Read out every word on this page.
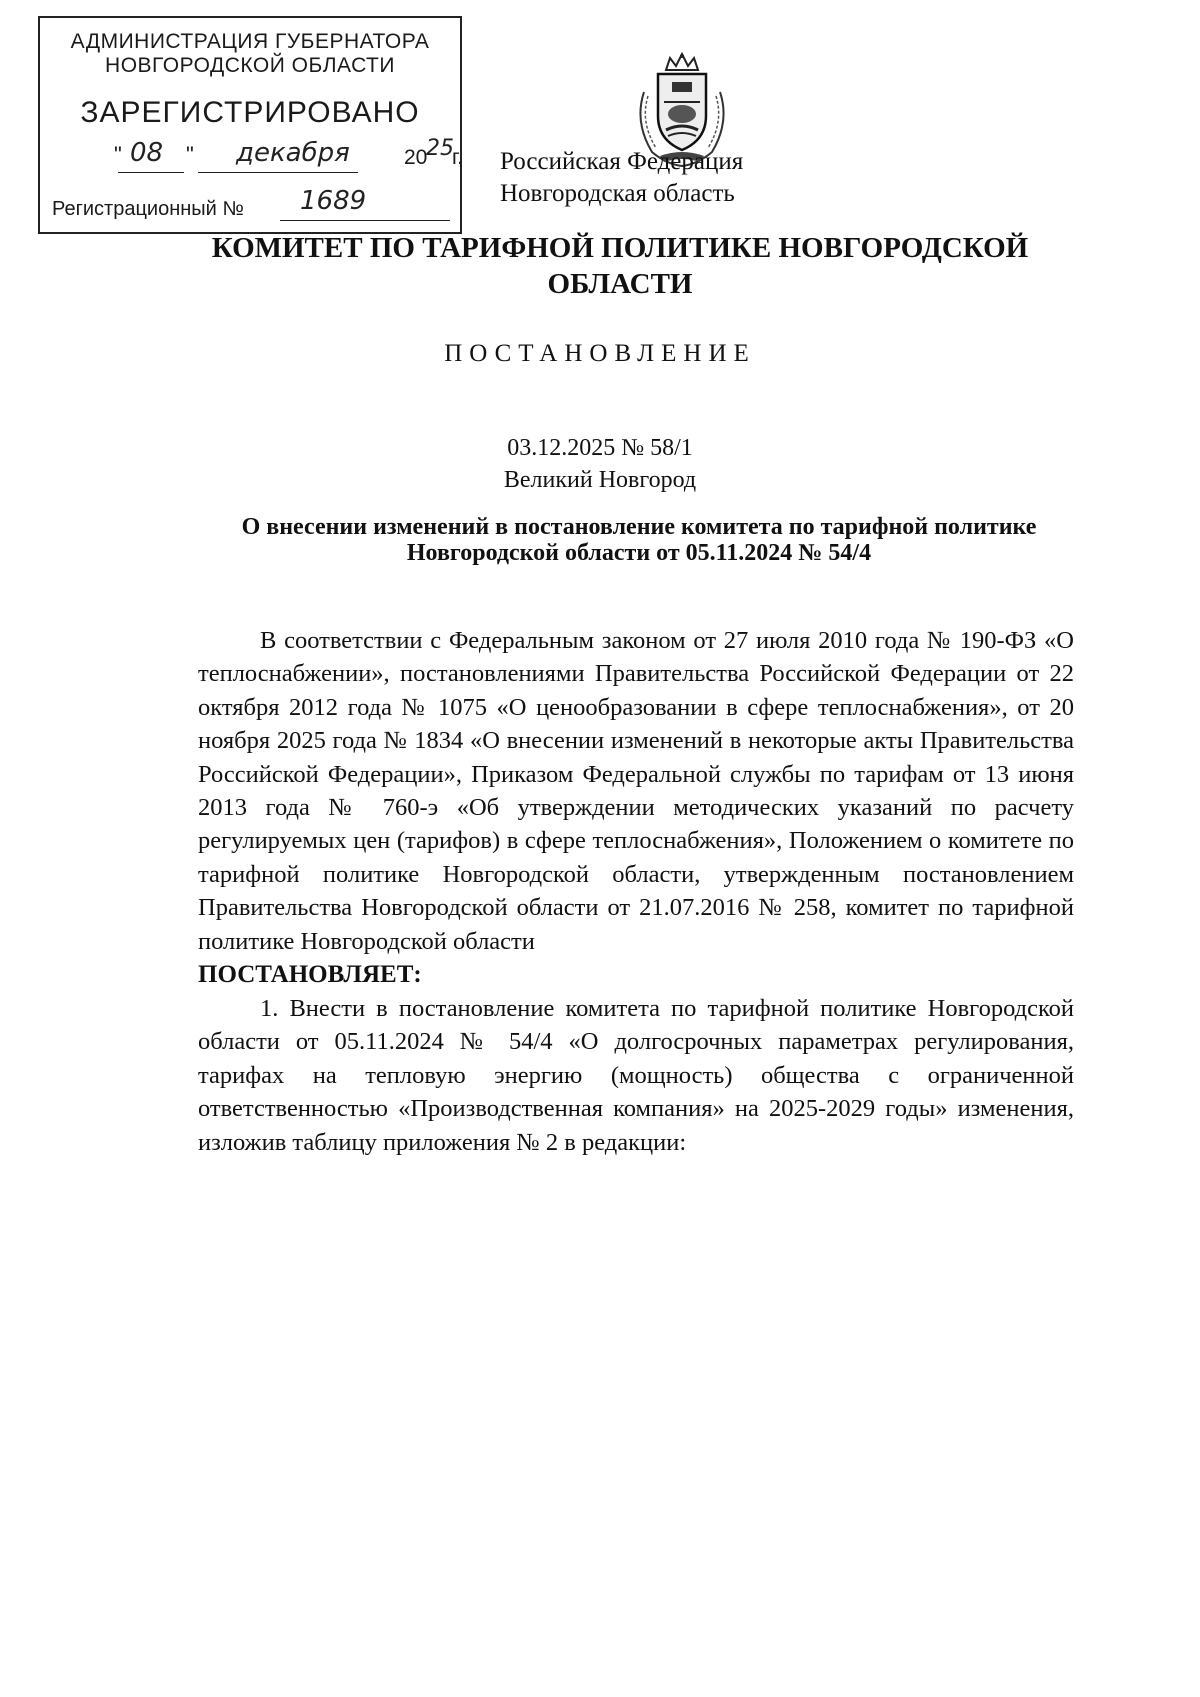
АДМИНИСТРАЦИЯ ГУБЕРНАТОРА
НОВГОРОДСКОЙ ОБЛАСТИ
ЗАРЕГИСТРИРОВАНО
" 08 " декабря	20
25
г.
Регистрационный № 1689
Российская Федерация
Новгородская область
КОМИТЕТ ПО ТАРИФНОЙ ПОЛИТИКЕ НОВГОРОДСКОЙ
ОБЛАСТИ
ПОСТАНОВЛЕНИЕ
03.12.2025 № 58/1
Великий Новгород
О внесении изменений в постановление комитета по тарифной политике
Новгородской области от 05.11.2024 № 54/4

В соответствии с Федеральным законом от 27 июля 2010 года № 190-ФЗ «О теплоснабжении», постановлениями Правительства Российской Федерации от 22 октября 2012 года № 1075 «О ценообразовании в сфере теплоснабжения», от 20 ноября 2025 года № 1834 «О внесении изменений в некоторые акты Правительства Российской Федерации», Приказом Федеральной службы по тарифам от 13 июня 2013 года № 760-э «Об утверждении методических указаний по расчету регулируемых цен (тарифов) в сфере теплоснабжения», Положением о комитете по тарифной политике Новгородской области, утвержденным постановлением Правительства Новгородской области от 21.07.2016 № 258, комитет по тарифной политике Новгородской области

ПОСТАНОВЛЯЕТ:

1. Внести в постановление комитета по тарифной политике Новгородской области от 05.11.2024 № 54/4 «О долгосрочных параметрах регулирования, тарифах на тепловую энергию (мощность) общества с ограниченной ответственностью «Производственная компания» на 2025-2029 годы» изменения, изложив таблицу приложения № 2 в редакции:
